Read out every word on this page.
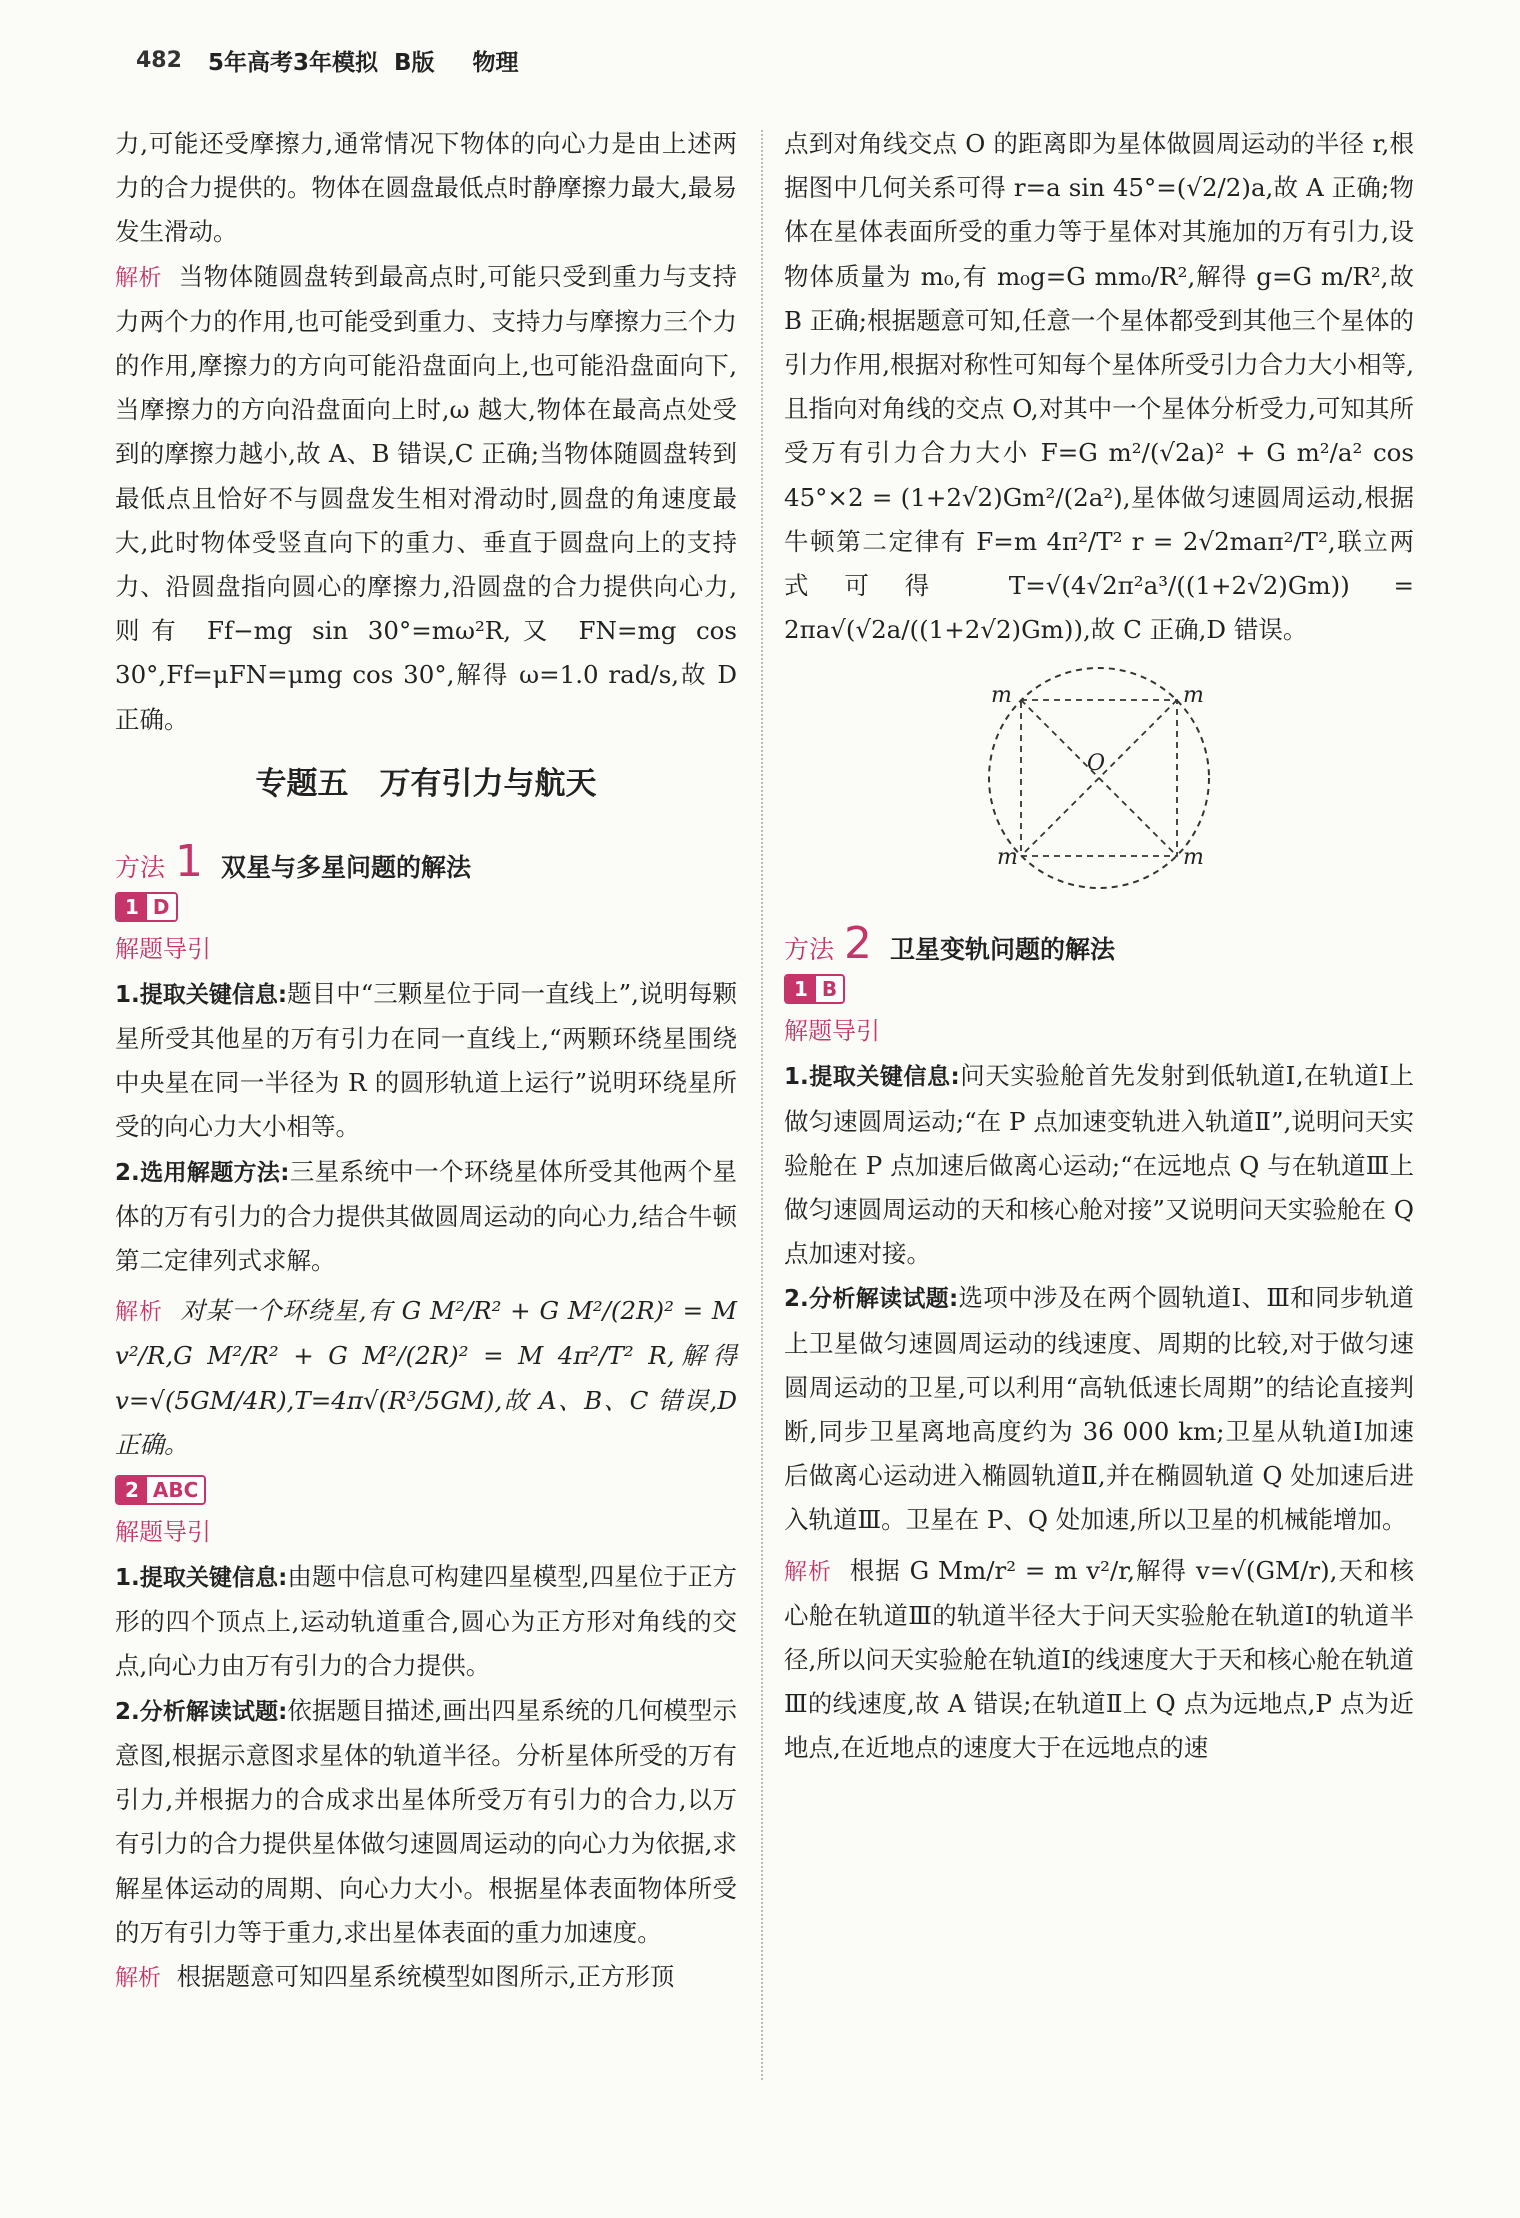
482 5年高考3年模拟 B版 物理

力,可能还受摩擦力,通常情况下物体的向心力是由上述两力的合力提供的。物体在圆盘最低点时静摩擦力最大,最易发生滑动。

解析 当物体随圆盘转到最高点时,可能只受到重力与支持力两个力的作用,也可能受到重力、支持力与摩擦力三个力的作用,摩擦力的方向可能沿盘面向上,也可能沿盘面向下,当摩擦力的方向沿盘面向上时,ω 越大,物体在最高点处受到的摩擦力越小,故 A、B 错误,C 正确;当物体随圆盘转到最低点且恰好不与圆盘发生相对滑动时,圆盘的角速度最大,此时物体受竖直向下的重力、垂直于圆盘向上的支持力、沿圆盘指向圆心的摩擦力,沿圆盘的合力提供向心力,则有 Ff−mg sin 30°=mω²R,又 FN=mg cos 30°,Ff=μFN=μmg cos 30°,解得 ω=1.0 rad/s,故 D 正确。

专题五　万有引力与航天
方法 1 双星与多星问题的解法
1 D
解题导引

1.提取关键信息:题目中“三颗星位于同一直线上”,说明每颗星所受其他星的万有引力在同一直线上,“两颗环绕星围绕中央星在同一半径为 R 的圆形轨道上运行”说明环绕星所受的向心力大小相等。

2.选用解题方法:三星系统中一个环绕星体所受其他两个星体的万有引力的合力提供其做圆周运动的向心力,结合牛顿第二定律列式求解。

解析 对某一个环绕星,有 G M²/R² + G M²/(2R)² = M v²/R,G M²/R² + G M²/(2R)² = M 4π²/T² R,解得 v=√(5GM/4R),T=4π√(R³/5GM),故 A、B、C 错误,D 正确。

2 ABC
解题导引

1.提取关键信息:由题中信息可构建四星模型,四星位于正方形的四个顶点上,运动轨道重合,圆心为正方形对角线的交点,向心力由万有引力的合力提供。

2.分析解读试题:依据题目描述,画出四星系统的几何模型示意图,根据示意图求星体的轨道半径。分析星体所受的万有引力,并根据力的合成求出星体所受万有引力的合力,以万有引力的合力提供星体做匀速圆周运动的向心力为依据,求解星体运动的周期、向心力大小。根据星体表面物体所受的万有引力等于重力,求出星体表面的重力加速度。

解析 根据题意可知四星系统模型如图所示,正方形顶

点到对角线交点 O 的距离即为星体做圆周运动的半径 r,根据图中几何关系可得 r=a sin 45°=(√2/2)a,故 A 正确;物体在星体表面所受的重力等于星体对其施加的万有引力,设物体质量为 m₀,有 m₀g=G mm₀/R²,解得 g=G m/R²,故 B 正确;根据题意可知,任意一个星体都受到其他三个星体的引力作用,根据对称性可知每个星体所受引力合力大小相等,且指向对角线的交点 O,对其中一个星体分析受力,可知其所受万有引力合力大小 F=G m²/(√2a)² + G m²/a² cos 45°×2 = (1+2√2)Gm²/(2a²),星体做匀速圆周运动,根据牛顿第二定律有 F=m 4π²/T² r = 2√2maπ²/T²,联立两式可得 T=√(4√2π²a³/((1+2√2)Gm)) = 2πa√(√2a/((1+2√2)Gm)),故 C 正确,D 错误。

m	m
m	m
O
方法 2 卫星变轨问题的解法
1 B
解题导引

1.提取关键信息:问天实验舱首先发射到低轨道Ⅰ,在轨道Ⅰ上做匀速圆周运动;“在 P 点加速变轨进入轨道Ⅱ”,说明问天实验舱在 P 点加速后做离心运动;“在远地点 Q 与在轨道Ⅲ上做匀速圆周运动的天和核心舱对接”又说明问天实验舱在 Q 点加速对接。

2.分析解读试题:选项中涉及在两个圆轨道Ⅰ、Ⅲ和同步轨道上卫星做匀速圆周运动的线速度、周期的比较,对于做匀速圆周运动的卫星,可以利用“高轨低速长周期”的结论直接判断,同步卫星离地高度约为 36 000 km;卫星从轨道Ⅰ加速后做离心运动进入椭圆轨道Ⅱ,并在椭圆轨道 Q 处加速后进入轨道Ⅲ。卫星在 P、Q 处加速,所以卫星的机械能增加。

解析 根据 G Mm/r² = m v²/r,解得 v=√(GM/r),天和核心舱在轨道Ⅲ的轨道半径大于问天实验舱在轨道Ⅰ的轨道半径,所以问天实验舱在轨道Ⅰ的线速度大于天和核心舱在轨道Ⅲ的线速度,故 A 错误;在轨道Ⅱ上 Q 点为远地点,P 点为近地点,在近地点的速度大于在远地点的速
